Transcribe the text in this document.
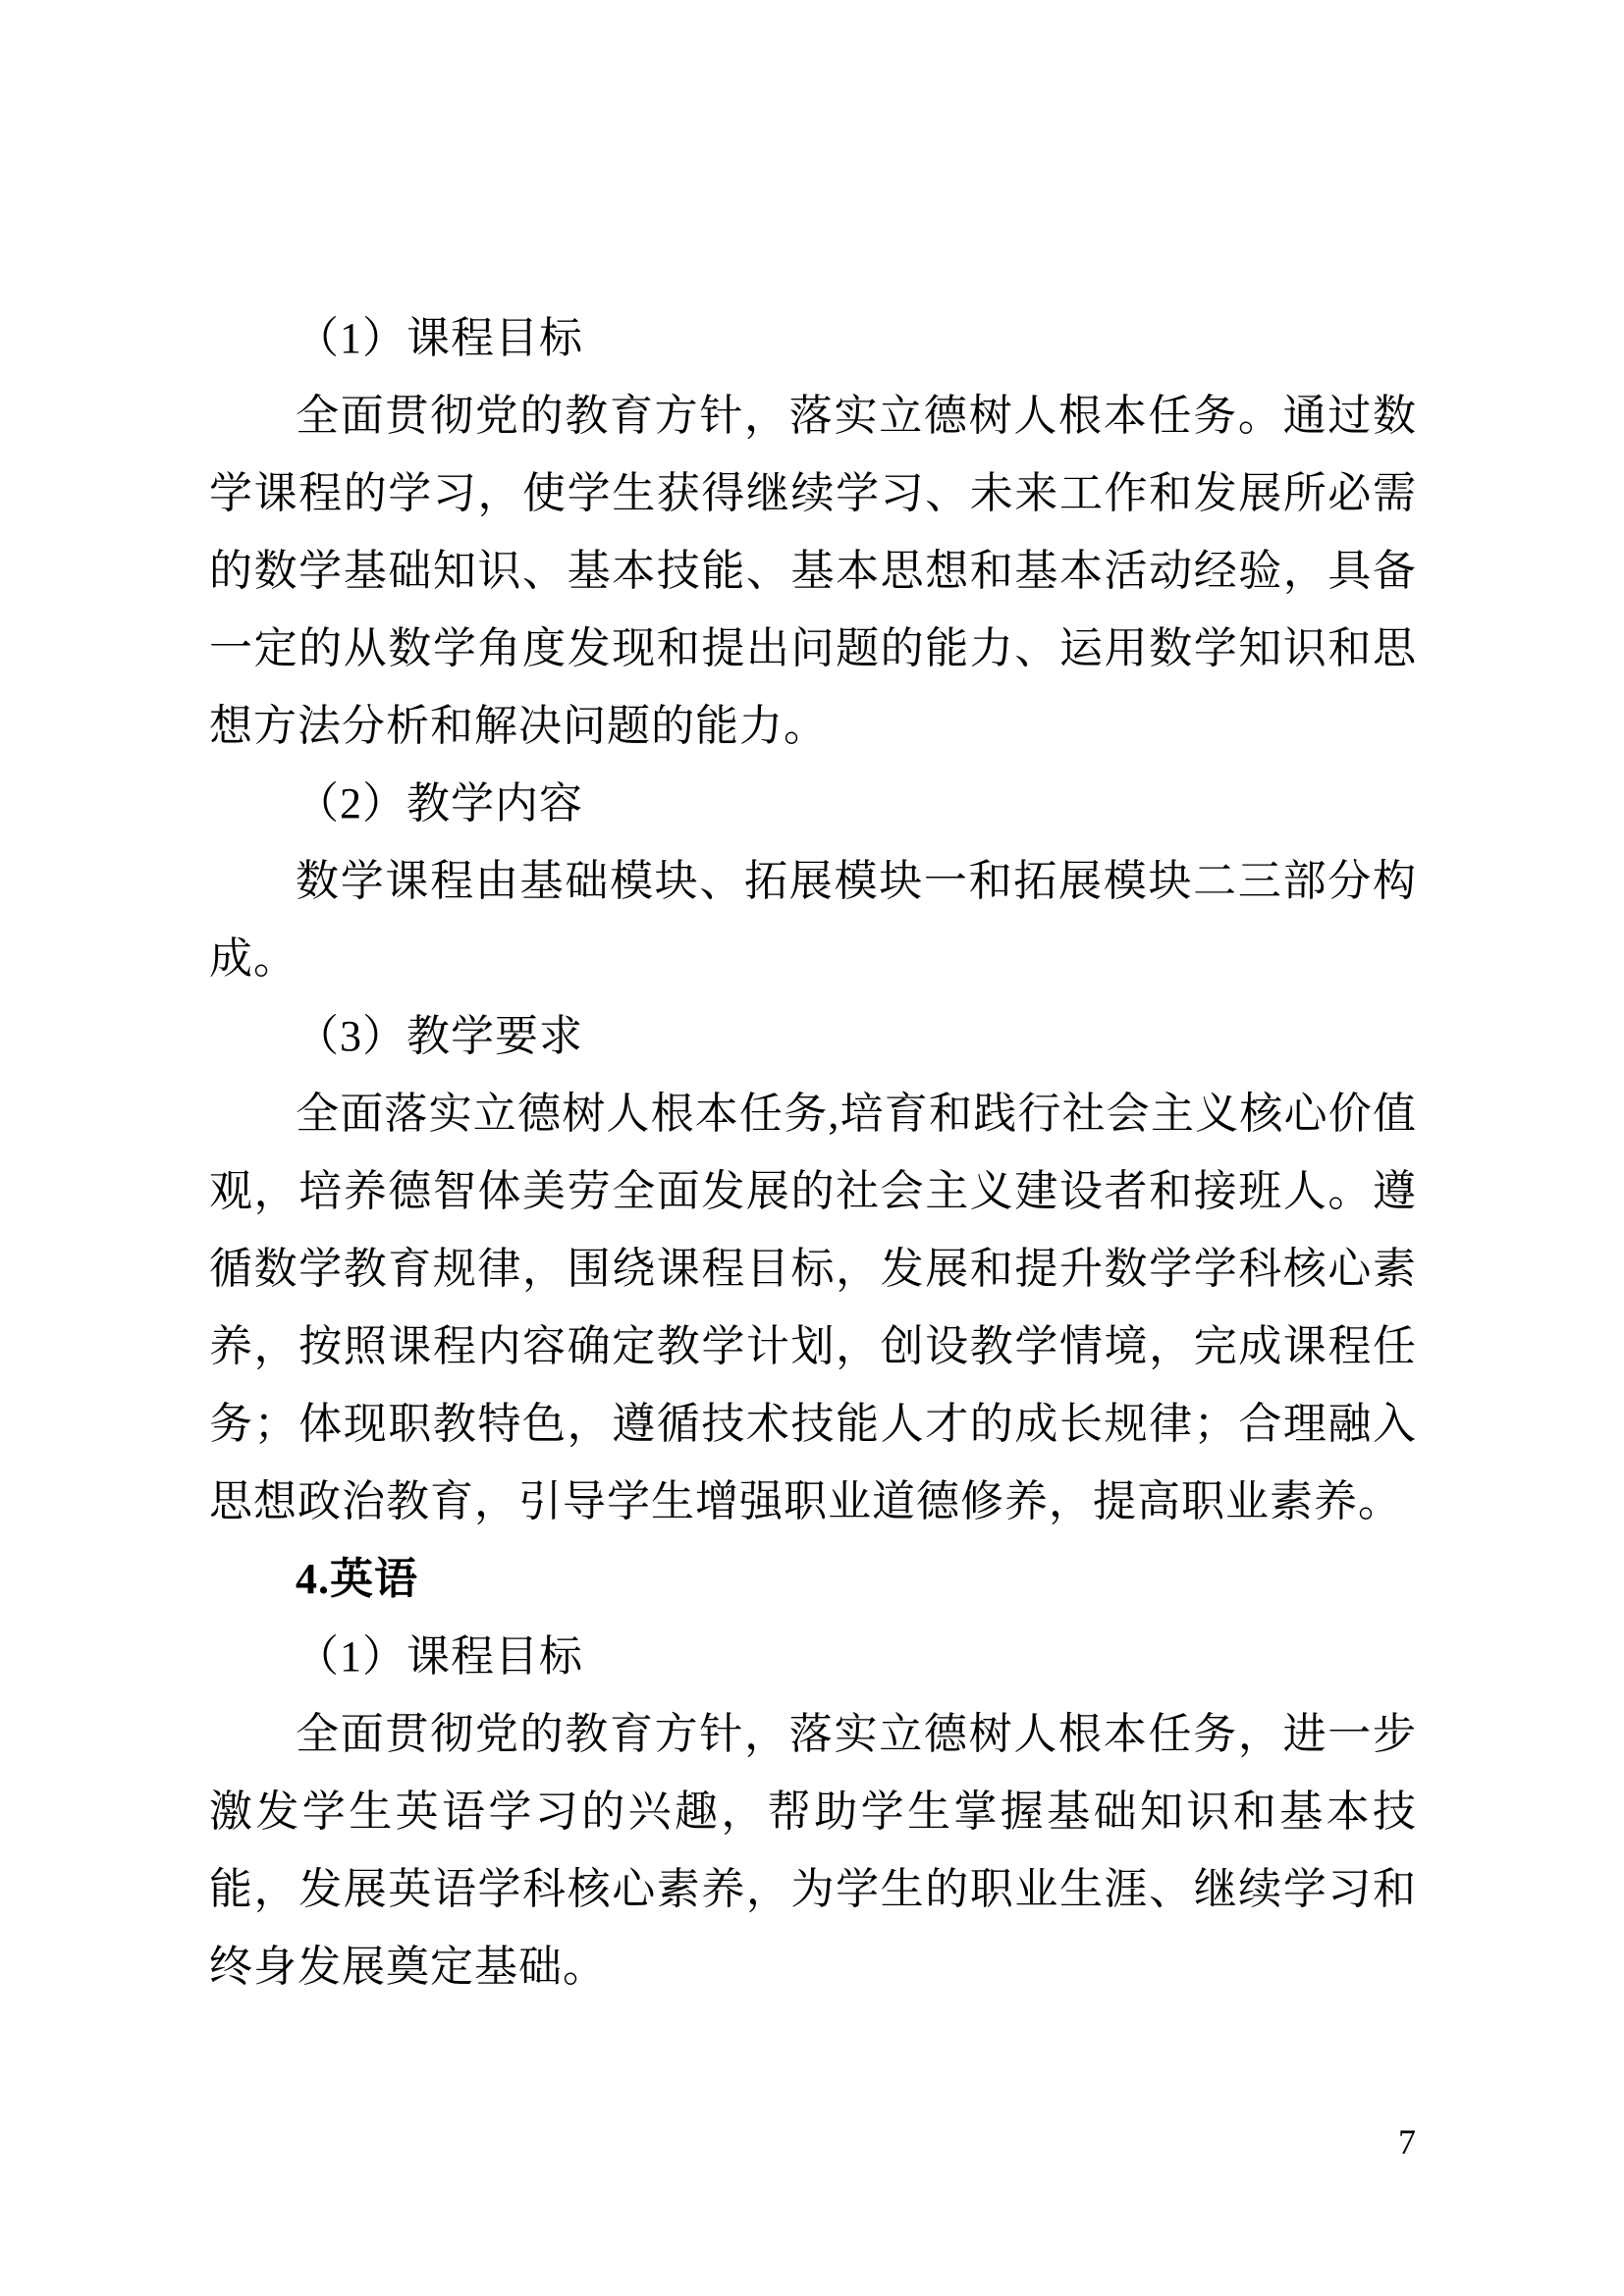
（1）课程目标

全面贯彻党的教育方针，落实立德树人根本任务。通过数学课程的学习，使学生获得继续学习、未来工作和发展所必需的数学基础知识、基本技能、基本思想和基本活动经验，具备一定的从数学角度发现和提出问题的能力、运用数学知识和思想方法分析和解决问题的能力。

（2）教学内容

数学课程由基础模块、拓展模块一和拓展模块二三部分构成。

（3）教学要求

全面落实立德树人根本任务,培育和践行社会主义核心价值观，培养德智体美劳全面发展的社会主义建设者和接班人。遵循数学教育规律，围绕课程目标，发展和提升数学学科核心素养，按照课程内容确定教学计划，创设教学情境，完成课程任务；体现职教特色，遵循技术技能人才的成长规律；合理融入思想政治教育，引导学生增强职业道德修养，提高职业素养。

4.英语

（1）课程目标

全面贯彻党的教育方针，落实立德树人根本任务，进一步激发学生英语学习的兴趣，帮助学生掌握基础知识和基本技能，发展英语学科核心素养，为学生的职业生涯、继续学习和终身发展奠定基础。

7
